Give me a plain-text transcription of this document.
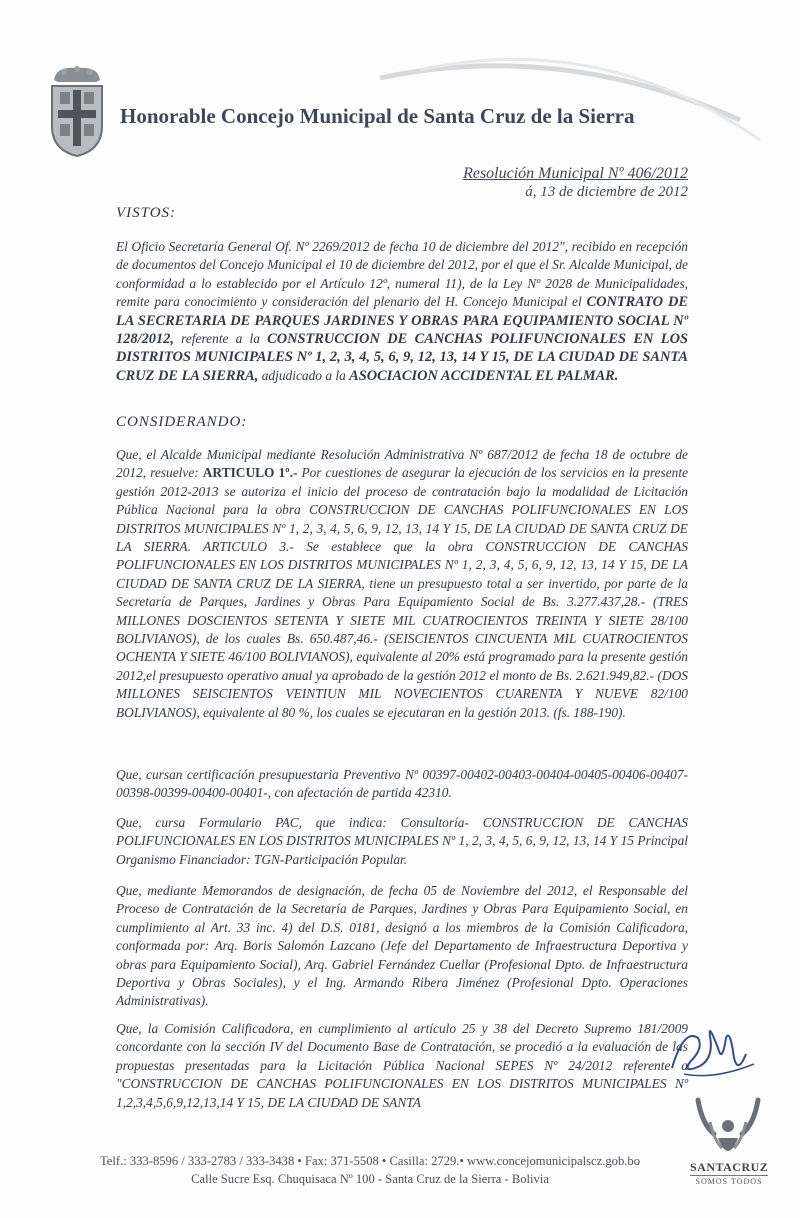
Honorable Concejo Municipal de Santa Cruz de la Sierra
Resolución Municipal Nº 406/2012
á, 13 de diciembre de 2012
VISTOS:
El Oficio Secretaría General Of. Nº 2269/2012 de fecha 10 de diciembre del 2012", recibido en recepción de documentos del Concejo Municipal el 10 de diciembre del 2012, por el que el Sr. Alcalde Municipal, de conformidad a lo establecido por el Artículo 12º, numeral 11), de la Ley Nº 2028 de Municipalidades, remite para conocimiento y consideración del plenario del H. Concejo Municipal el CONTRATO DE LA SECRETARIA DE PARQUES JARDINES Y OBRAS PARA EQUIPAMIENTO SOCIAL Nº 128/2012, referente a la CONSTRUCCION DE CANCHAS POLIFUNCIONALES EN LOS DISTRITOS MUNICIPALES Nº 1, 2, 3, 4, 5, 6, 9, 12, 13, 14 Y 15, DE LA CIUDAD DE SANTA CRUZ DE LA SIERRA, adjudicado a la ASOCIACION ACCIDENTAL EL PALMAR.
CONSIDERANDO:
Que, el Alcalde Municipal mediante Resolución Administrativa Nº 687/2012 de fecha 18 de octubre de 2012, resuelve: ARTICULO 1º.- Por cuestiones de asegurar la ejecución de los servicios en la presente gestión 2012-2013 se autoriza el inicio del proceso de contratación bajo la modalidad de Licitación Pública Nacional para la obra CONSTRUCCION DE CANCHAS POLIFUNCIONALES EN LOS DISTRITOS MUNICIPALES Nº 1, 2, 3, 4, 5, 6, 9, 12, 13, 14 Y 15, DE LA CIUDAD DE SANTA CRUZ DE LA SIERRA. ARTICULO 3.- Se establece que la obra CONSTRUCCION DE CANCHAS POLIFUNCIONALES EN LOS DISTRITOS MUNICIPALES Nº 1, 2, 3, 4, 5, 6, 9, 12, 13, 14 Y 15, DE LA CIUDAD DE SANTA CRUZ DE LA SIERRA, tiene un presupuesto total a ser invertido, por parte de la Secretaría de Parques, Jardines y Obras Para Equipamiento Social de Bs. 3.277.437,28.- (TRES MILLONES DOSCIENTOS SETENTA Y SIETE MIL CUATROCIENTOS TREINTA Y SIETE 28/100 BOLIVIANOS), de los cuales Bs. 650.487,46.- (SEISCIENTOS CINCUENTA MIL CUATROCIENTOS OCHENTA Y SIETE 46/100 BOLIVIANOS), equivalente al 20% está programado para la presente gestión 2012,el presupuesto operativo anual ya aprobado de la gestión 2012 el monto de Bs. 2.621.949,82.- (DOS MILLONES SEISCIENTOS VEINTIUN MIL NOVECIENTOS CUARENTA Y NUEVE 82/100 BOLIVIANOS), equivalente al 80 %, los cuales se ejecutaran en la gestión 2013. (fs. 188-190).
Que, cursan certificación presupuestaria Preventivo Nº 00397-00402-00403-00404-00405-00406-00407-00398-00399-00400-00401-, con afectación de partida 42310.
Que, cursa Formulario PAC, que indica: Consultoría- CONSTRUCCION DE CANCHAS POLIFUNCIONALES EN LOS DISTRITOS MUNICIPALES Nº 1, 2, 3, 4, 5, 6, 9, 12, 13, 14 Y 15 Principal Organismo Financiador: TGN-Participación Popular.
Que, mediante Memorandos de designación, de fecha 05 de Noviembre del 2012, el Responsable del Proceso de Contratación de la Secretaría de Parques, Jardines y Obras Para Equipamiento Social, en cumplimiento al Art. 33 inc. 4) del D.S. 0181, designó a los miembros de la Comisión Calificadora, conformada por: Arq. Boris Salomón Lazcano (Jefe del Departamento de Infraestructura Deportiva y obras para Equipamiento Social), Arq. Gabriel Fernández Cuellar (Profesional Dpto. de Infraestructura Deportiva y Obras Sociales), y el Ing. Armando Ribera Jiménez (Profesional Dpto. Operaciones Administrativas).
Que, la Comisión Calificadora, en cumplimiento al artículo 25 y 38 del Decreto Supremo 181/2009 concordante con la sección IV del Documento Base de Contratación, se procedió a la evaluación de las propuestas presentadas para la Licitación Pública Nacional SEPES Nº 24/2012 referente a "CONSTRUCCION DE CANCHAS POLIFUNCIONALES EN LOS DISTRITOS MUNICIPALES Nº 1,2,3,4,5,6,9,12,13,14 Y 15, DE LA CIUDAD DE SANTA
SANTACRUZ
SOMOS TODOS
Telf.: 333-8596 / 333-2783 / 333-3438 • Fax: 371-5508 • Casilla: 2729.• www.concejomunicipalscz.gob.bo
Calle Sucre Esq. Chuquisaca Nº 100 - Santa Cruz de la Sierra - Bolivia
